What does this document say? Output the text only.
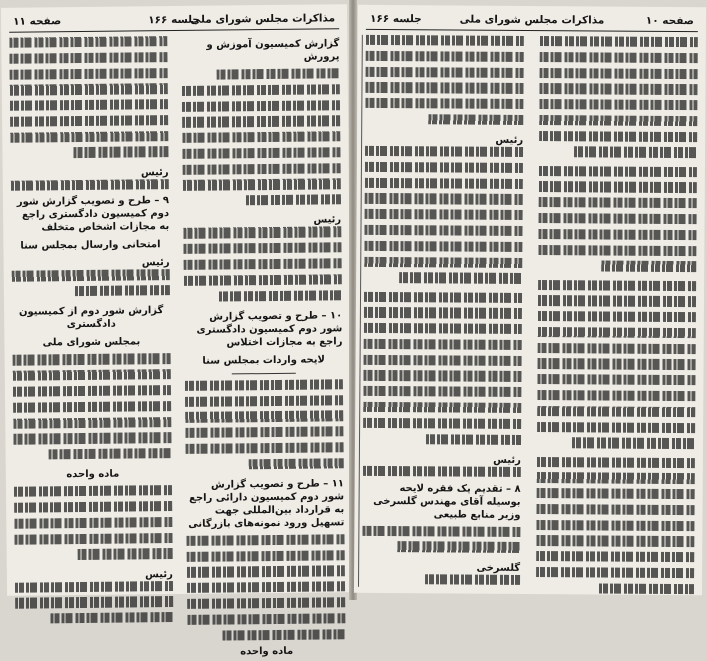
مذاکرات مجلس شورای ملی
جلسه ۱۶۶
صفحه ۱۱
گزارش کمیسیون آموزش و پرورش
رئیس
۱۰ – طرح و تصویب گزارش شور دوم کمیسیون دادگستری راجع به مجازات اختلاس
لایحه واردات بمجلس سنا
۱۱ – طرح و تصویب گزارش شور دوم کمیسیون دارائی راجع به قرارداد بین‌المللی جهت تسهیل ورود نمونه‌های بازرگانی
ماده واحده
رئیس
۹ – طرح و تصویب گزارش شور دوم کمیسیون دادگستری راجع به مجازات اشخاص متخلف
امتحانی وارسال بمجلس سنا
رئیس
گزارش شور دوم از کمیسیون دادگستری
بمجلس شورای ملی
ماده واحده
رئیس
صفحه ۱۰
مذاکرات مجلس شورای ملی
جلسه ۱۶۶
رئیس
رئیس
۸ – تقدیم یک فقره لایحه بوسیله آقای مهندس گلسرخی وزیر منابع طبیعی
گلسرخی
